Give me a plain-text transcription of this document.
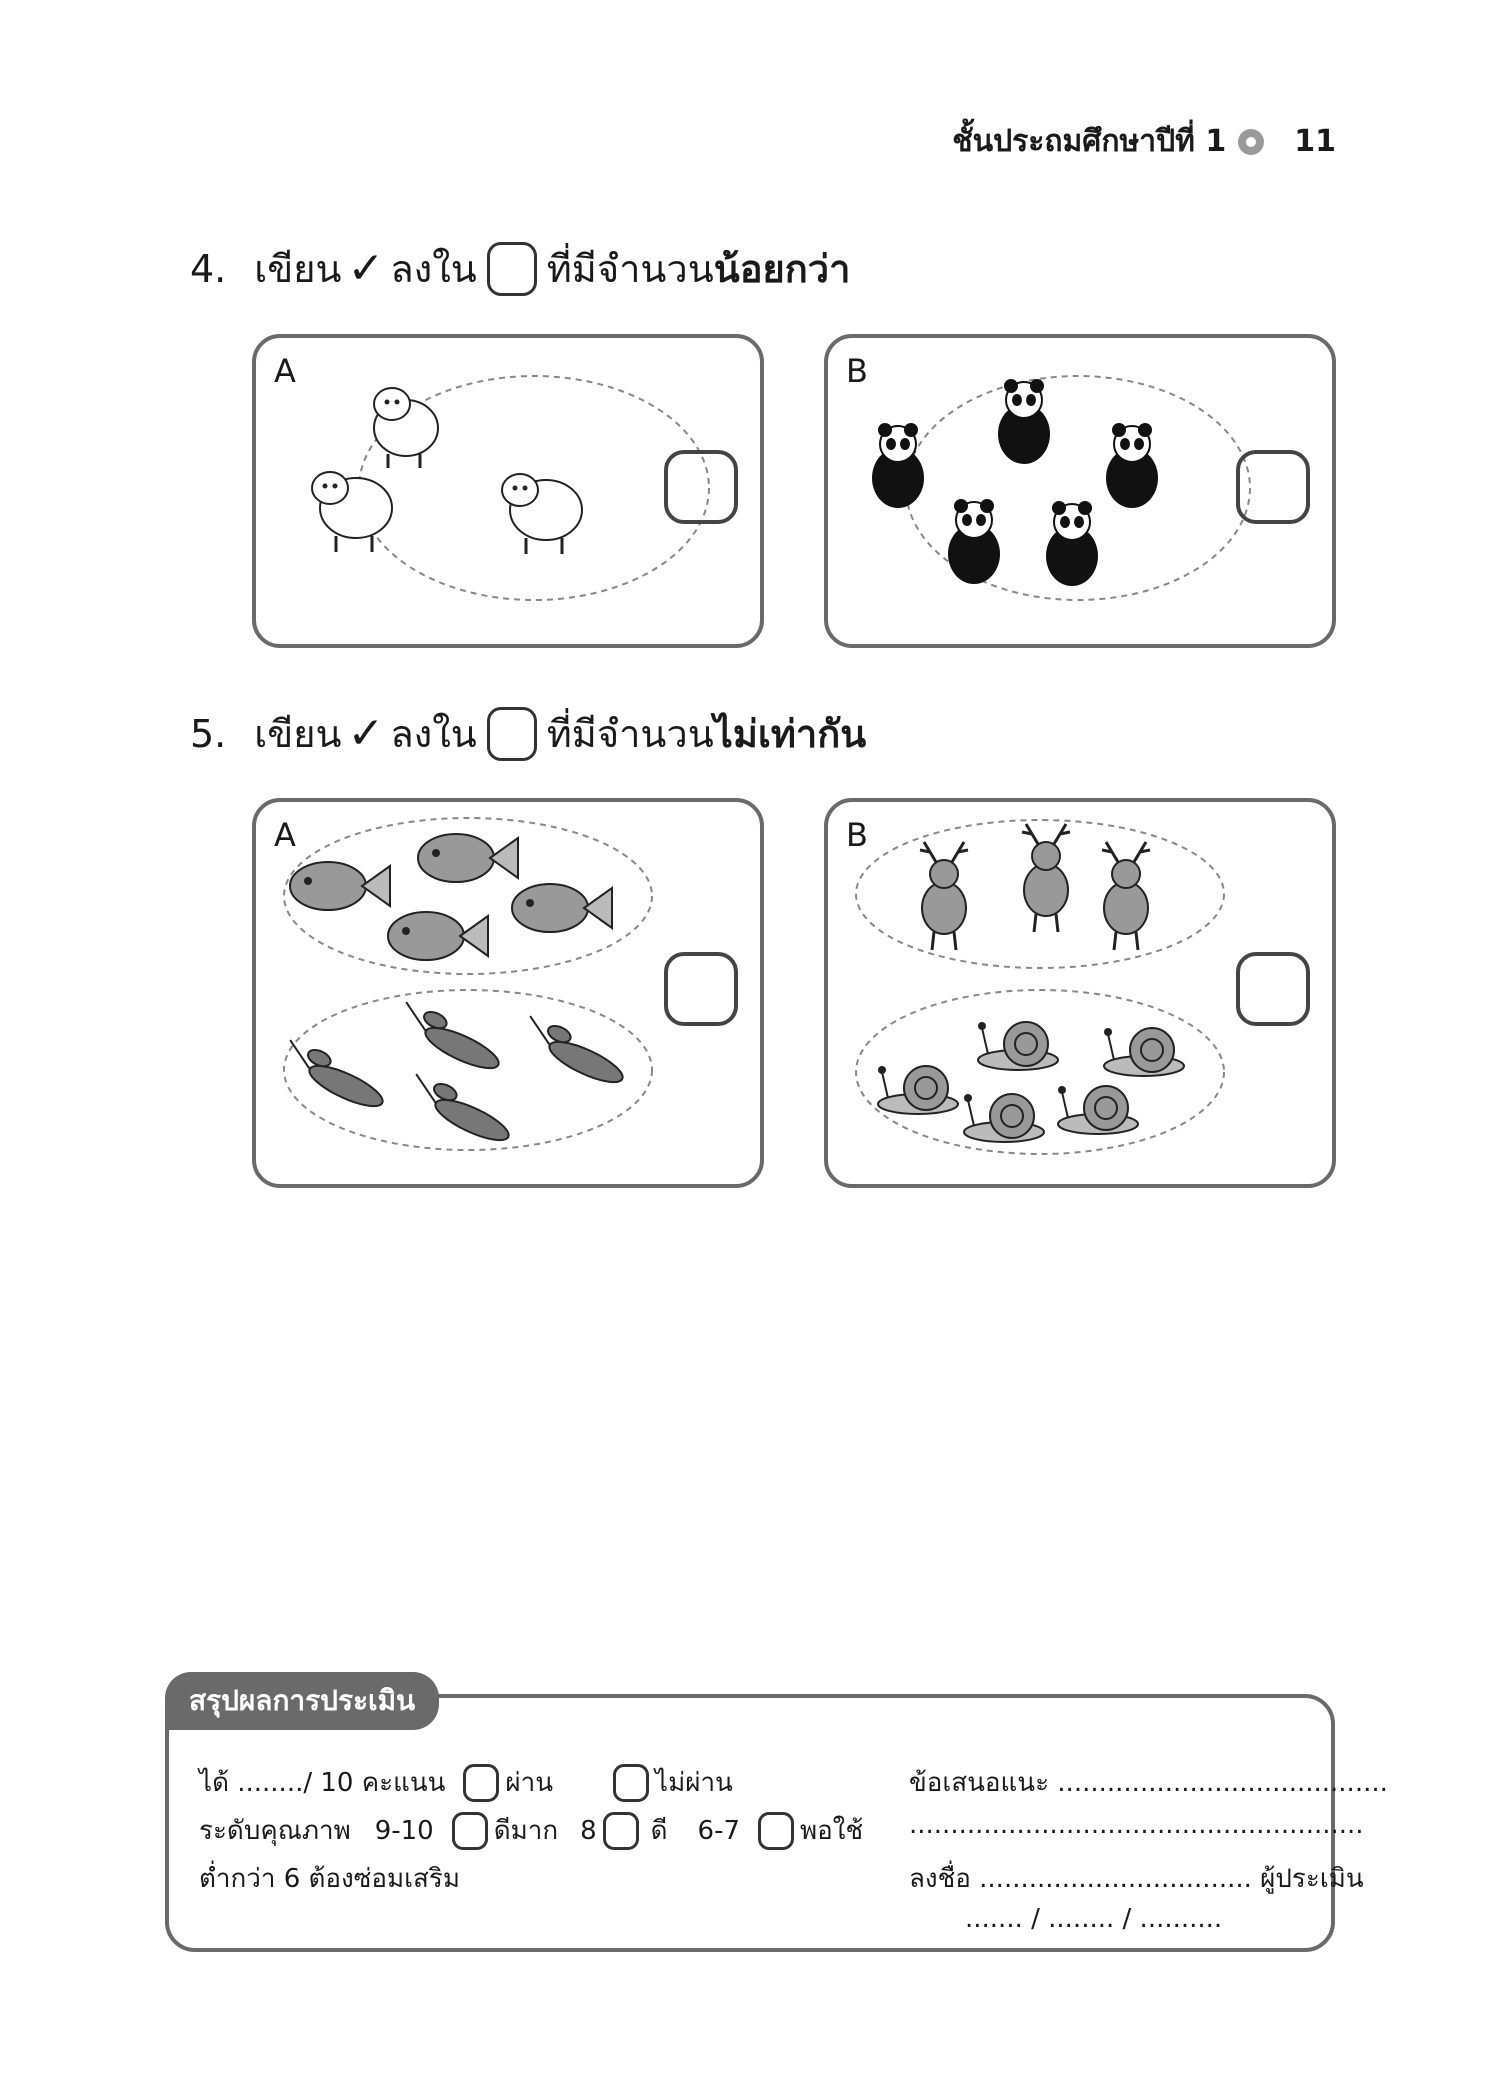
ชั้นประถมศึกษาปีที่ 1 11
4. เขียน ✓ ลงใน ที่มีจำนวน น้อยกว่า
A	B
5. เขียน ✓ ลงใน ที่มีจำนวน ไม่เท่ากัน
A	B
สรุปผลการประเมิน
ได้ ......../ 10 คะแนน ผ่าน	ไม่ผ่าน
ระดับคุณภาพ 9-10 ดีมาก 8 ดี 6-7 พอใช้
ต่ำกว่า 6 ต้องซ่อมเสริม
ข้อเสนอแนะ ........................................
.......................................................
ลงชื่อ ................................. ผู้ประเมิน
....... / ........ / ..........
